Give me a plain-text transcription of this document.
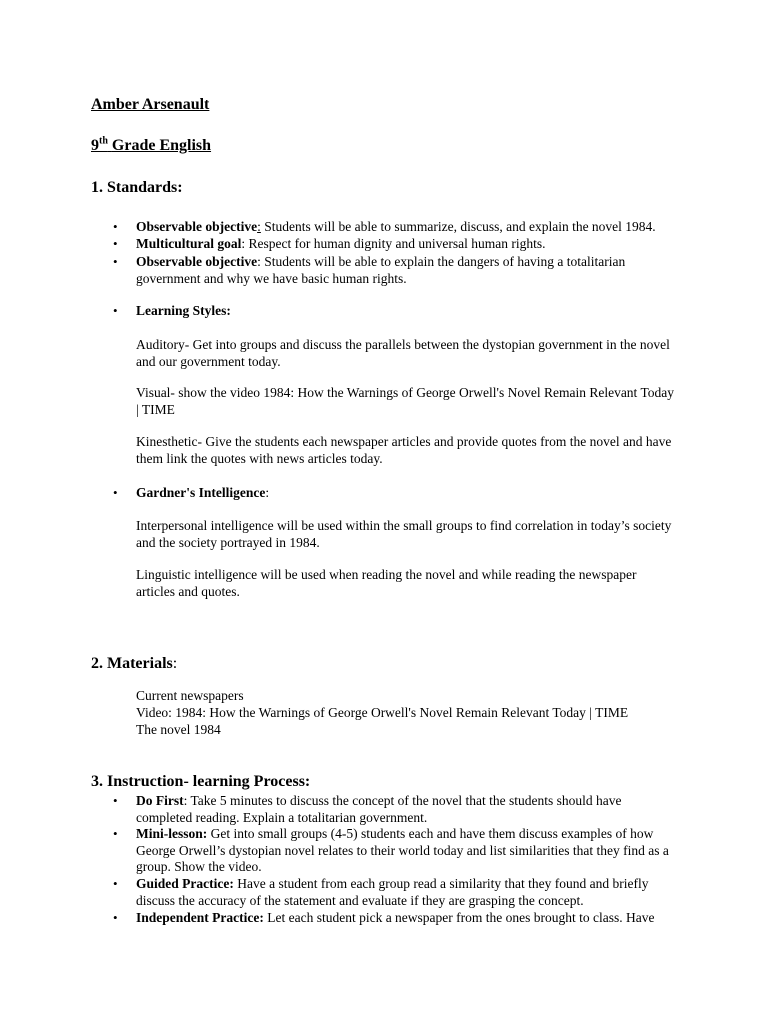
Amber Arsenault
9th Grade English
1. Standards:
• Observable objective: Students will be able to summarize, discuss, and explain the novel 1984.
• Multicultural goal: Respect for human dignity and universal human rights.
• Observable objective: Students will be able to explain the dangers of having a totalitarian government and why we have basic human rights.
• Learning Styles:
Auditory- Get into groups and discuss the parallels between the dystopian government in the novel and our government today.
Visual- show the video 1984: How the Warnings of George Orwell's Novel Remain Relevant Today | TIME
Kinesthetic- Give the students each newspaper articles and provide quotes from the novel and have them link the quotes with news articles today.
• Gardner's Intelligence:
Interpersonal intelligence will be used within the small groups to find correlation in today’s society and the society portrayed in 1984.
Linguistic intelligence will be used when reading the novel and while reading the newspaper articles and quotes.
2. Materials:
Current newspapers
Video: 1984: How the Warnings of George Orwell's Novel Remain Relevant Today | TIME
The novel 1984
3. Instruction- learning Process:
• Do First: Take 5 minutes to discuss the concept of the novel that the students should have completed reading. Explain a totalitarian government.
• Mini-lesson: Get into small groups (4-5) students each and have them discuss examples of how George Orwell’s dystopian novel relates to their world today and list similarities that they find as a group. Show the video.
• Guided Practice: Have a student from each group read a similarity that they found and briefly discuss the accuracy of the statement and evaluate if they are grasping the concept.
• Independent Practice: Let each student pick a newspaper from the ones brought to class. Have
